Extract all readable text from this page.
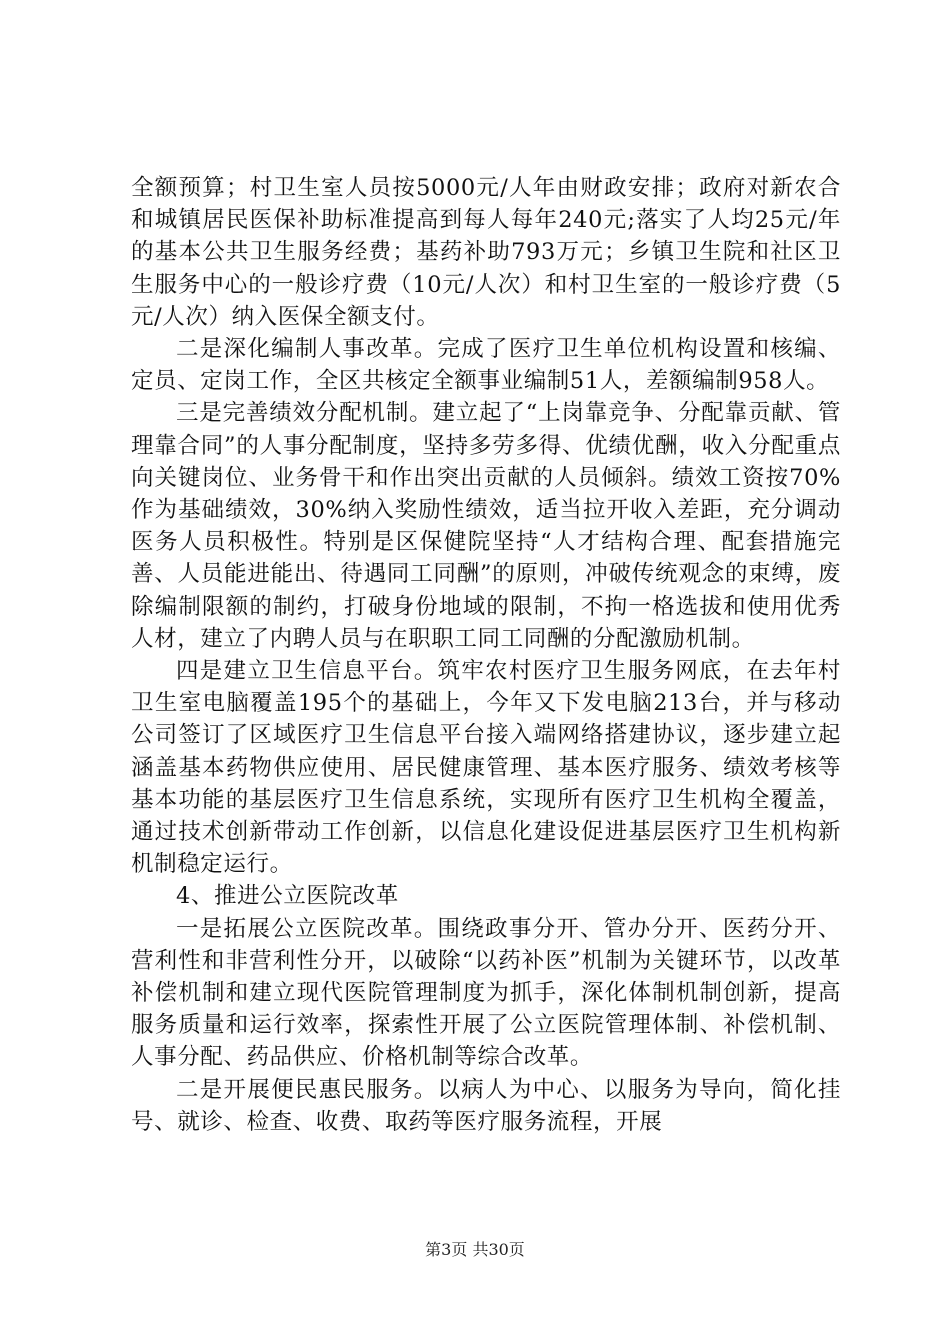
全额预算；村卫生室人员按5000元/人年由财政安排；政府对新农合和城镇居民医保补助标准提高到每人每年240元;落实了人均25元/年的基本公共卫生服务经费；基药补助793万元；乡镇卫生院和社区卫生服务中心的一般诊疗费（10元/人次）和村卫生室的一般诊疗费（5元/人次）纳入医保全额支付。

二是深化编制人事改革。完成了医疗卫生单位机构设置和核编、定员、定岗工作，全区共核定全额事业编制51人，差额编制958人。

三是完善绩效分配机制。建立起了“上岗靠竞争、分配靠贡献、管理靠合同”的人事分配制度，坚持多劳多得、优绩优酬，收入分配重点向关键岗位、业务骨干和作出突出贡献的人员倾斜。绩效工资按70%作为基础绩效，30%纳入奖励性绩效，适当拉开收入差距，充分调动医务人员积极性。特别是区保健院坚持“人才结构合理、配套措施完善、人员能进能出、待遇同工同酬”的原则，冲破传统观念的束缚，废除编制限额的制约，打破身份地域的限制，不拘一格选拔和使用优秀人材，建立了内聘人员与在职职工同工同酬的分配激励机制。

四是建立卫生信息平台。筑牢农村医疗卫生服务网底，在去年村卫生室电脑覆盖195个的基础上，今年又下发电脑213台，并与移动公司签订了区域医疗卫生信息平台接入端网络搭建协议，逐步建立起涵盖基本药物供应使用、居民健康管理、基本医疗服务、绩效考核等基本功能的基层医疗卫生信息系统，实现所有医疗卫生机构全覆盖，通过技术创新带动工作创新，以信息化建设促进基层医疗卫生机构新机制稳定运行。

4、推进公立医院改革

一是拓展公立医院改革。围绕政事分开、管办分开、医药分开、营利性和非营利性分开，以破除“以药补医”机制为关键环节，以改革补偿机制和建立现代医院管理制度为抓手，深化体制机制创新，提高服务质量和运行效率，探索性开展了公立医院管理体制、补偿机制、人事分配、药品供应、价格机制等综合改革。

二是开展便民惠民服务。以病人为中心、以服务为导向，简化挂号、就诊、检查、收费、取药等医疗服务流程，开展

第3页 共30页
